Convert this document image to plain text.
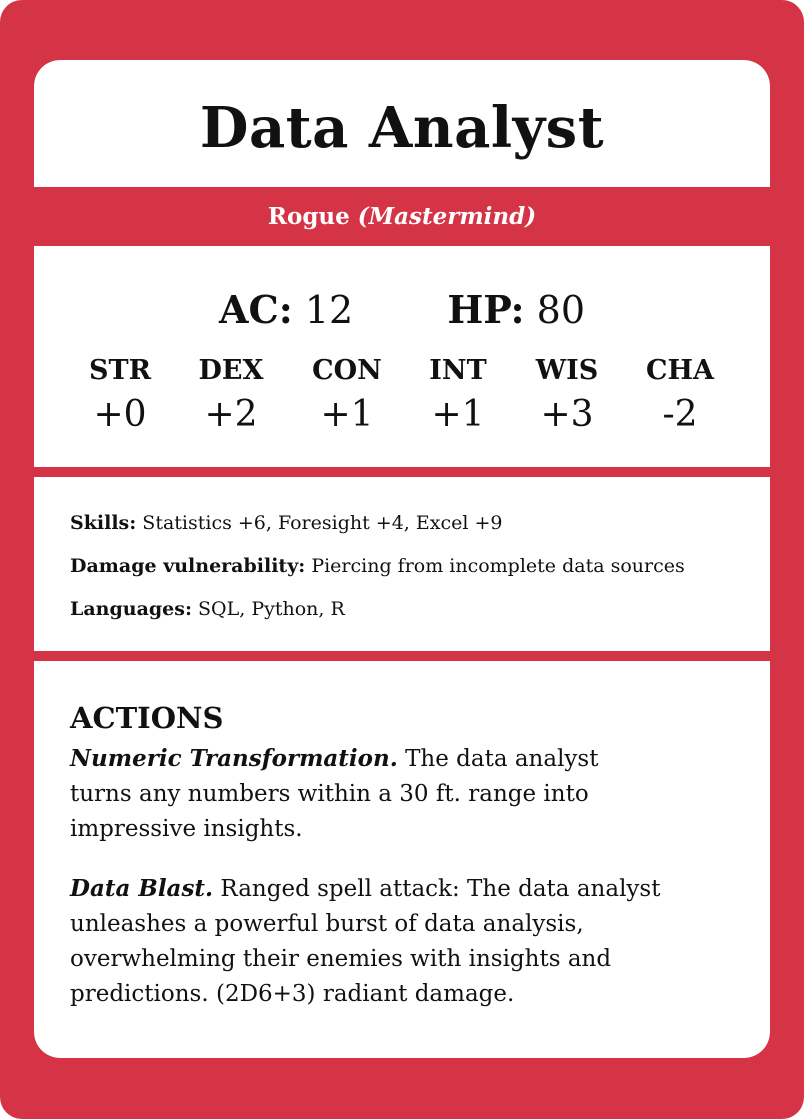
Data Analyst
Rogue (Mastermind)
AC: 12 HP: 80
STR
+0
DEX
+2
CON
+1
INT
+1
WIS
+3
CHA
-2
Skills: Statistics +6, Foresight +4, Excel +9
Damage vulnerability: Piercing from incomplete data sources
Languages: SQL, Python, R
ACTIONS
Numeric Transformation. The data analyst
turns any numbers within a 30 ft. range into
impressive insights.
Data Blast. Ranged spell attack: The data analyst
unleashes a powerful burst of data analysis,
overwhelming their enemies with insights and
predictions. (2D6+3) radiant damage.
